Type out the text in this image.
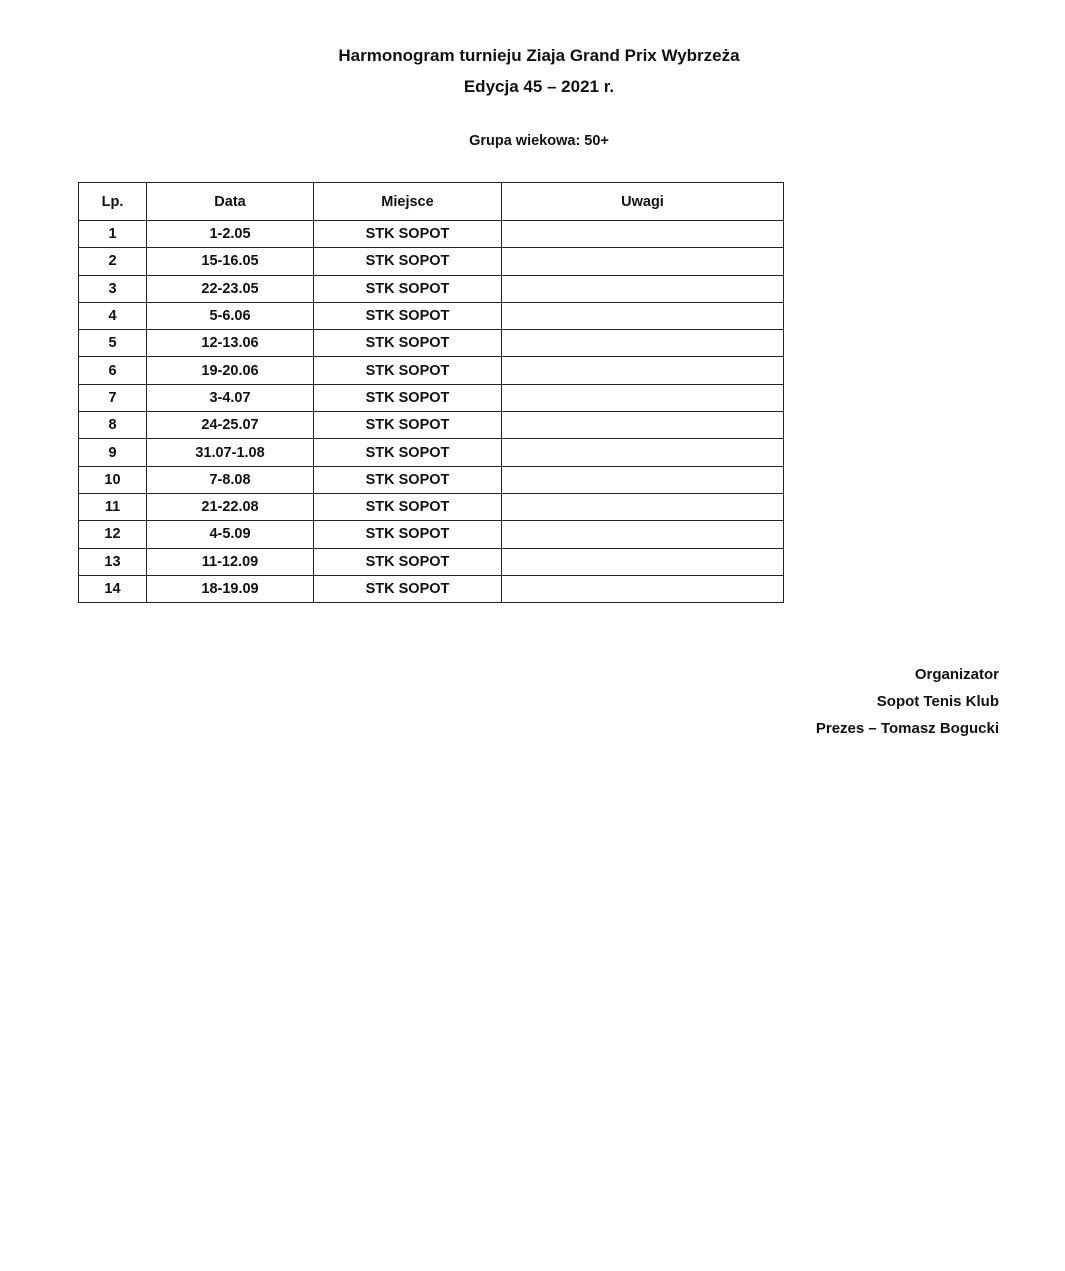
Harmonogram turnieju Ziaja Grand Prix Wybrzeża
Edycja 45 – 2021 r.
Grupa wiekowa: 50+
Lp.	Data	Miejsce	Uwagi
1	1-2.05	STK SOPOT	
2	15-16.05	STK SOPOT	
3	22-23.05	STK SOPOT	
4	5-6.06	STK SOPOT	
5	12-13.06	STK SOPOT	
6	19-20.06	STK SOPOT	
7	3-4.07	STK SOPOT	
8	24-25.07	STK SOPOT	
9	31.07-1.08	STK SOPOT	
10	7-8.08	STK SOPOT	
11	21-22.08	STK SOPOT	
12	4-5.09	STK SOPOT	
13	11-12.09	STK SOPOT	
14	18-19.09	STK SOPOT	
Organizator
Sopot Tenis Klub
Prezes – Tomasz Bogucki
